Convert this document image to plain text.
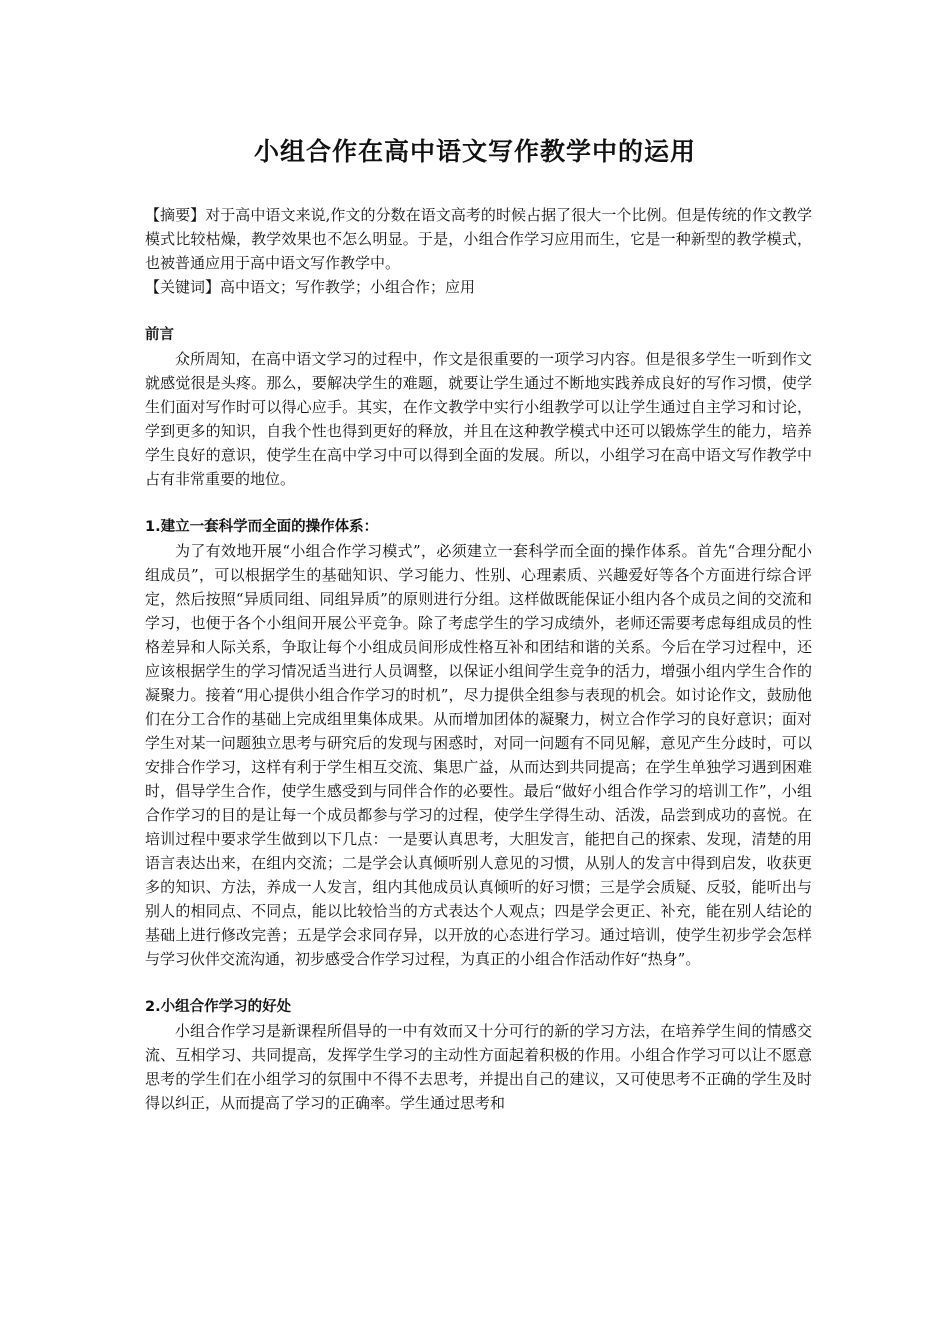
小组合作在高中语文写作教学中的运用

【摘要】对于高中语文来说,作文的分数在语文高考的时候占据了很大一个比例。但是传统的作文教学模式比较枯燥，教学效果也不怎么明显。于是，小组合作学习应用而生，它是一种新型的教学模式，也被普通应用于高中语文写作教学中。

【关键词】高中语文；写作教学；小组合作；应用

前言

众所周知，在高中语文学习的过程中，作文是很重要的一项学习内容。但是很多学生一听到作文就感觉很是头疼。那么，要解决学生的难题，就要让学生通过不断地实践养成良好的写作习惯，使学生们面对写作时可以得心应手。其实，在作文教学中实行小组教学可以让学生通过自主学习和讨论，学到更多的知识，自我个性也得到更好的释放，并且在这种教学模式中还可以锻炼学生的能力，培养学生良好的意识，使学生在高中学习中可以得到全面的发展。所以，小组学习在高中语文写作教学中占有非常重要的地位。

1.建立一套科学而全面的操作体系：

为了有效地开展“小组合作学习模式”，必须建立一套科学而全面的操作体系。首先“合理分配小组成员”，可以根据学生的基础知识、学习能力、性别、心理素质、兴趣爱好等各个方面进行综合评定，然后按照“异质同组、同组异质”的原则进行分组。这样做既能保证小组内各个成员之间的交流和学习，也便于各个小组间开展公平竞争。除了考虑学生的学习成绩外，老师还需要考虑每组成员的性格差异和人际关系，争取让每个小组成员间形成性格互补和团结和谐的关系。今后在学习过程中，还应该根据学生的学习情况适当进行人员调整，以保证小组间学生竞争的活力，增强小组内学生合作的凝聚力。接着“用心提供小组合作学习的时机”，尽力提供全组参与表现的机会。如讨论作文，鼓励他们在分工合作的基础上完成组里集体成果。从而增加团体的凝聚力，树立合作学习的良好意识；面对学生对某一问题独立思考与研究后的发现与困惑时，对同一问题有不同见解，意见产生分歧时，可以安排合作学习，这样有利于学生相互交流、集思广益，从而达到共同提高；在学生单独学习遇到困难时，倡导学生合作，使学生感受到与同伴合作的必要性。最后“做好小组合作学习的培训工作”，小组合作学习的目的是让每一个成员都参与学习的过程，使学生学得生动、活泼，品尝到成功的喜悦。在培训过程中要求学生做到以下几点：一是要认真思考，大胆发言，能把自己的探索、发现，清楚的用语言表达出来，在组内交流；二是学会认真倾听别人意见的习惯，从别人的发言中得到启发，收获更多的知识、方法，养成一人发言，组内其他成员认真倾听的好习惯；三是学会质疑、反驳，能听出与别人的相同点、不同点，能以比较恰当的方式表达个人观点；四是学会更正、补充，能在别人结论的基础上进行修改完善；五是学会求同存异，以开放的心态进行学习。通过培训，使学生初步学会怎样与学习伙伴交流沟通，初步感受合作学习过程，为真正的小组合作活动作好“热身”。

2.小组合作学习的好处

小组合作学习是新课程所倡导的一中有效而又十分可行的新的学习方法，在培养学生间的情感交流、互相学习、共同提高，发挥学生学习的主动性方面起着积极的作用。小组合作学习可以让不愿意思考的学生们在小组学习的氛围中不得不去思考，并提出自己的建议，又可使思考不正确的学生及时得以纠正，从而提高了学习的正确率。学生通过思考和
